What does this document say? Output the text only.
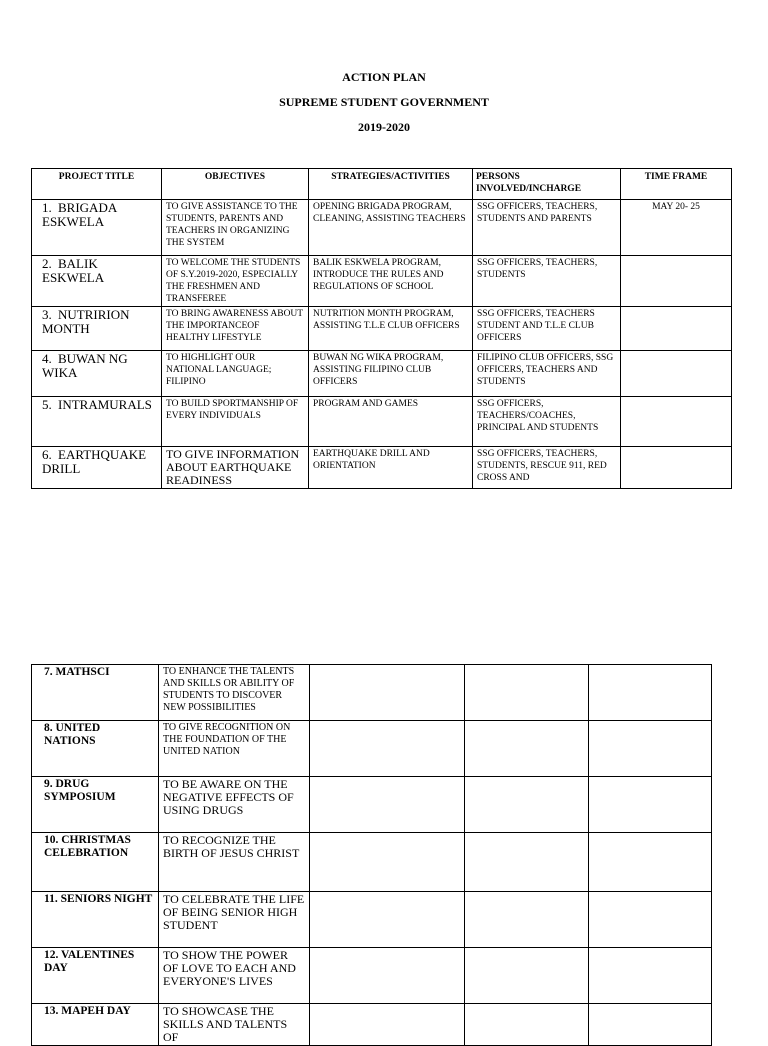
ACTION PLAN
SUPREME STUDENT GOVERNMENT
2019-2020
PROJECT TITLE	OBJECTIVES	STRATEGIES/ACTIVITIES	PERSONS INVOLVED/INCHARGE	TIME FRAME
1. BRIGADA ESKWELA	TO GIVE ASSISTANCE TO THE STUDENTS, PARENTS AND TEACHERS IN ORGANIZING THE SYSTEM	OPENING BRIGADA PROGRAM, CLEANING, ASSISTING TEACHERS	SSG OFFICERS, TEACHERS, STUDENTS AND PARENTS	MAY 20- 25
2. BALIK ESKWELA	TO WELCOME THE STUDENTS OF S.Y.2019-2020, ESPECIALLY THE FRESHMEN AND TRANSFEREE	BALIK ESKWELA PROGRAM, INTRODUCE THE RULES AND REGULATIONS OF SCHOOL	SSG OFFICERS, TEACHERS, STUDENTS	
3. NUTRIRION MONTH	TO BRING AWARENESS ABOUT THE IMPORTANCEOF HEALTHY LIFESTYLE	NUTRITION MONTH PROGRAM, ASSISTING T.L.E CLUB OFFICERS	SSG OFFICERS, TEACHERS STUDENT AND T.L.E CLUB OFFICERS	
4. BUWAN NG WIKA	TO HIGHLIGHT OUR NATIONAL LANGUAGE; FILIPINO	BUWAN NG WIKA PROGRAM, ASSISTING FILIPINO CLUB OFFICERS	FILIPINO CLUB OFFICERS, SSG OFFICERS, TEACHERS AND STUDENTS	
5. INTRAMURALS	TO BUILD SPORTMANSHIP OF EVERY INDIVIDUALS	PROGRAM AND GAMES	SSG OFFICERS, TEACHERS/COACHES, PRINCIPAL AND STUDENTS	
6. EARTHQUAKE DRILL	TO GIVE INFORMATION ABOUT EARTHQUAKE READINESS	EARTHQUAKE DRILL AND ORIENTATION	SSG OFFICERS, TEACHERS, STUDENTS, RESCUE 911, RED CROSS AND	
7. MATHSCI	TO ENHANCE THE TALENTS AND SKILLS OR ABILITY OF STUDENTS TO DISCOVER NEW POSSIBILITIES			
8. UNITED NATIONS	TO GIVE RECOGNITION ON THE FOUNDATION OF THE UNITED NATION			
9. DRUG SYMPOSIUM	TO BE AWARE ON THE NEGATIVE EFFECTS OF USING DRUGS			
10. CHRISTMAS CELEBRATION	TO RECOGNIZE THE BIRTH OF JESUS CHRIST			
11. SENIORS NIGHT	TO CELEBRATE THE LIFE OF BEING SENIOR HIGH STUDENT			
12. VALENTINES DAY	TO SHOW THE POWER OF LOVE TO EACH AND EVERYONE'S LIVES			
13. MAPEH DAY	TO SHOWCASE THE SKILLS AND TALENTS OF			
